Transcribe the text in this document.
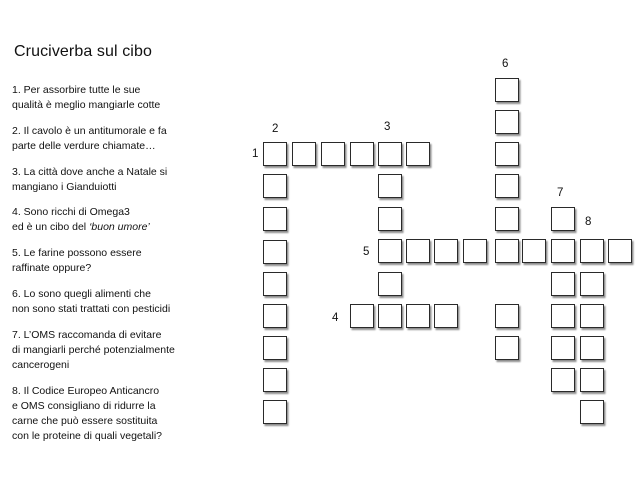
Cruciverba sul cibo
1. Per assorbire tutte le sue
qualità è meglio mangiarle cotte
2. Il cavolo è un antitumorale e fa
parte delle verdure chiamate…
3. La città dove anche a Natale si
mangiano i Gianduiotti
4. Sono ricchi di Omega3
ed è un cibo del ‘buon umore’
5. Le farine possono essere
raffinate oppure?
6. Lo sono quegli alimenti che
non sono stati trattati con pesticidi
7. L’OMS raccomanda di evitare
di mangiarli perché potenzialmente
cancerogeni
8. Il Codice Europeo Anticancro
e OMS consigliano di ridurre la
carne che può essere sostituita
con le proteine di quali vegetali?
2	3
1
6
7
8
5
4
